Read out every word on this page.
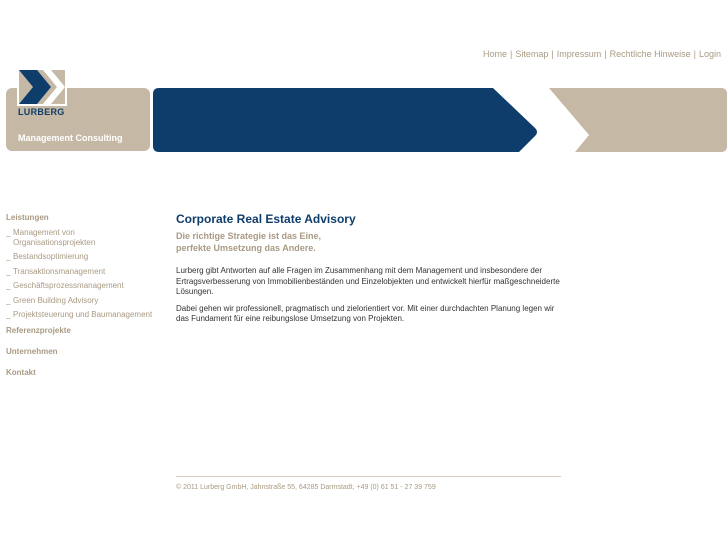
Home | Sitemap | Impressum | Rechtliche Hinweise | Login
LURBERG
Management Consulting
Leistungen
_ Management von Organisationsprojekten
_ Bestandsoptimierung
_ Transaktionsmanagement
_ Geschäftsprozessmanagement
_ Green Building Advisory
_ Projektsteuerung und Baumanagement
Referenzprojekte
Unternehmen
Kontakt
Corporate Real Estate Advisory

Die richtige Strategie ist das Eine,
perfekte Umsetzung das Andere.

Lurberg gibt Antworten auf alle Fragen im Zusammenhang mit dem Management und insbesondere der Ertragsverbesserung von Immobilienbeständen und Einzelobjekten und entwickelt hierfür maßgeschneiderte Lösungen.

Dabei gehen wir professionell, pragmatisch und zielorientiert vor. Mit einer durchdachten Planung legen wir das Fundament für eine reibungslose Umsetzung von Projekten.

© 2011 Lurberg GmbH, Jahnstraße 55, 64285 Darmstadt, +49 (0) 61 51 - 27 39 759
